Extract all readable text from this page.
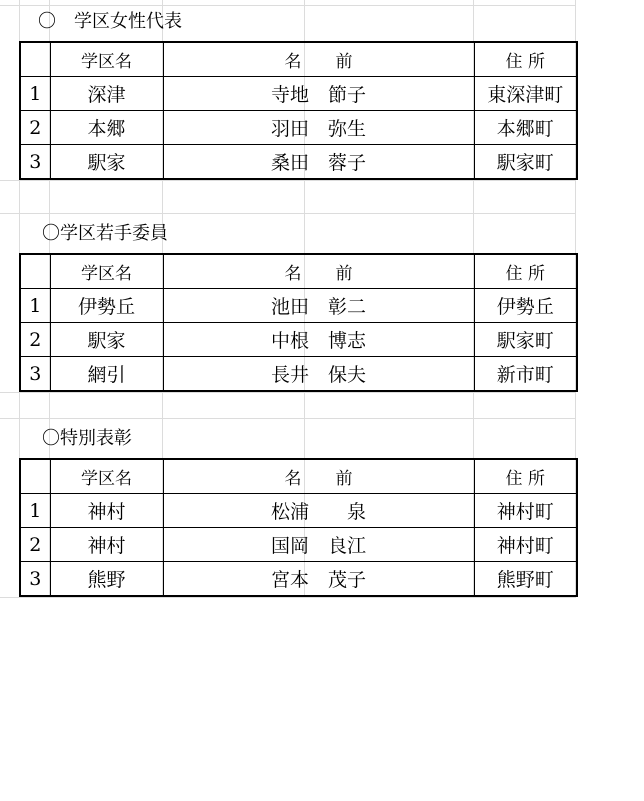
〇　学区女性代表
	学区名	名　　前	住 所
1	深津	寺地　節子	東深津町
2	本郷	羽田　弥生	本郷町
3	駅家	桑田　蓉子	駅家町
〇学区若手委員
	学区名	名　　前	住 所
1	伊勢丘	池田　彰二	伊勢丘
2	駅家	中根　博志	駅家町
3	網引	長井　保夫	新市町
〇特別表彰
	学区名	名　　前	住 所
1	神村	松浦　　泉	神村町
2	神村	国岡　良江	神村町
3	熊野	宮本　茂子	熊野町
